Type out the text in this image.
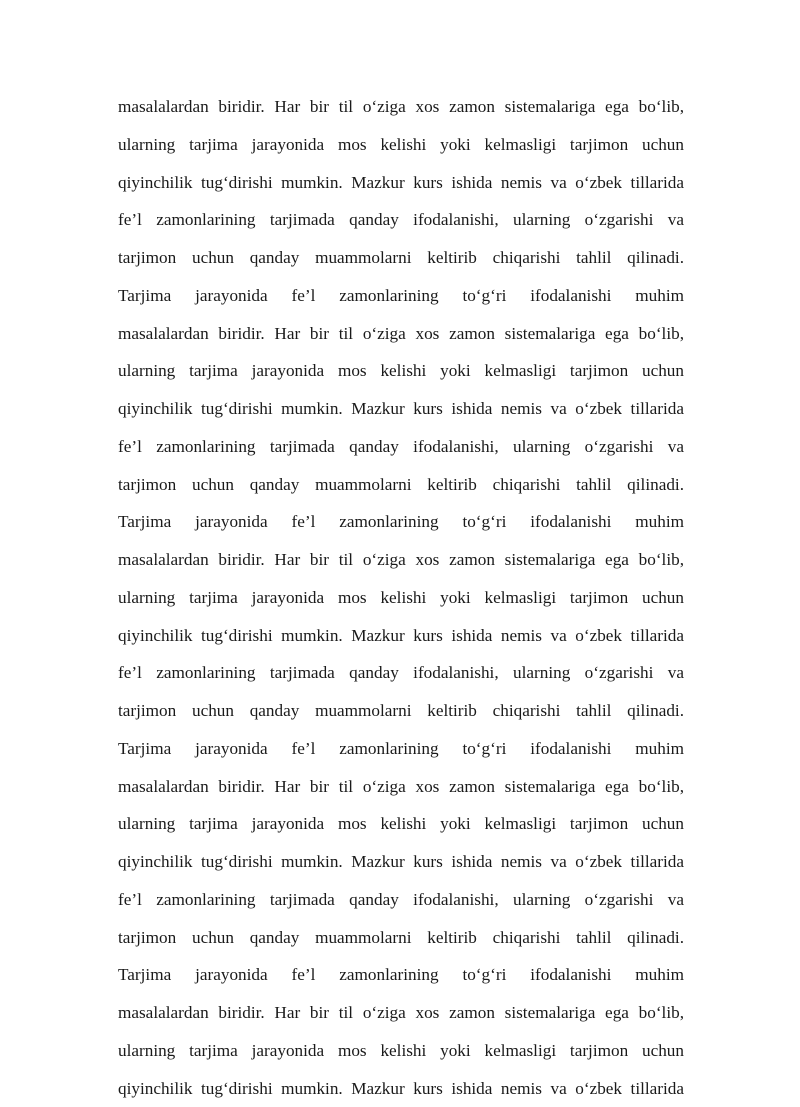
masalalardan biridir. Har bir til o‘ziga xos zamon sistemalariga ega bo‘lib,
ularning tarjima jarayonida mos kelishi yoki kelmasligi tarjimon uchun
qiyinchilik tug‘dirishi mumkin. Mazkur kurs ishida nemis va o‘zbek tillarida
fe’l zamonlarining tarjimada qanday ifodalanishi, ularning o‘zgarishi va
tarjimon uchun qanday muammolarni keltirib chiqarishi tahlil qilinadi.
Tarjima jarayonida fe’l zamonlarining to‘g‘ri ifodalanishi muhim
masalalardan biridir. Har bir til o‘ziga xos zamon sistemalariga ega bo‘lib,
ularning tarjima jarayonida mos kelishi yoki kelmasligi tarjimon uchun
qiyinchilik tug‘dirishi mumkin. Mazkur kurs ishida nemis va o‘zbek tillarida
fe’l zamonlarining tarjimada qanday ifodalanishi, ularning o‘zgarishi va
tarjimon uchun qanday muammolarni keltirib chiqarishi tahlil qilinadi.
Tarjima jarayonida fe’l zamonlarining to‘g‘ri ifodalanishi muhim
masalalardan biridir. Har bir til o‘ziga xos zamon sistemalariga ega bo‘lib,
ularning tarjima jarayonida mos kelishi yoki kelmasligi tarjimon uchun
qiyinchilik tug‘dirishi mumkin. Mazkur kurs ishida nemis va o‘zbek tillarida
fe’l zamonlarining tarjimada qanday ifodalanishi, ularning o‘zgarishi va
tarjimon uchun qanday muammolarni keltirib chiqarishi tahlil qilinadi.
Tarjima jarayonida fe’l zamonlarining to‘g‘ri ifodalanishi muhim
masalalardan biridir. Har bir til o‘ziga xos zamon sistemalariga ega bo‘lib,
ularning tarjima jarayonida mos kelishi yoki kelmasligi tarjimon uchun
qiyinchilik tug‘dirishi mumkin. Mazkur kurs ishida nemis va o‘zbek tillarida
fe’l zamonlarining tarjimada qanday ifodalanishi, ularning o‘zgarishi va
tarjimon uchun qanday muammolarni keltirib chiqarishi tahlil qilinadi.
Tarjima jarayonida fe’l zamonlarining to‘g‘ri ifodalanishi muhim
masalalardan biridir. Har bir til o‘ziga xos zamon sistemalariga ega bo‘lib,
ularning tarjima jarayonida mos kelishi yoki kelmasligi tarjimon uchun
qiyinchilik tug‘dirishi mumkin. Mazkur kurs ishida nemis va o‘zbek tillarida
